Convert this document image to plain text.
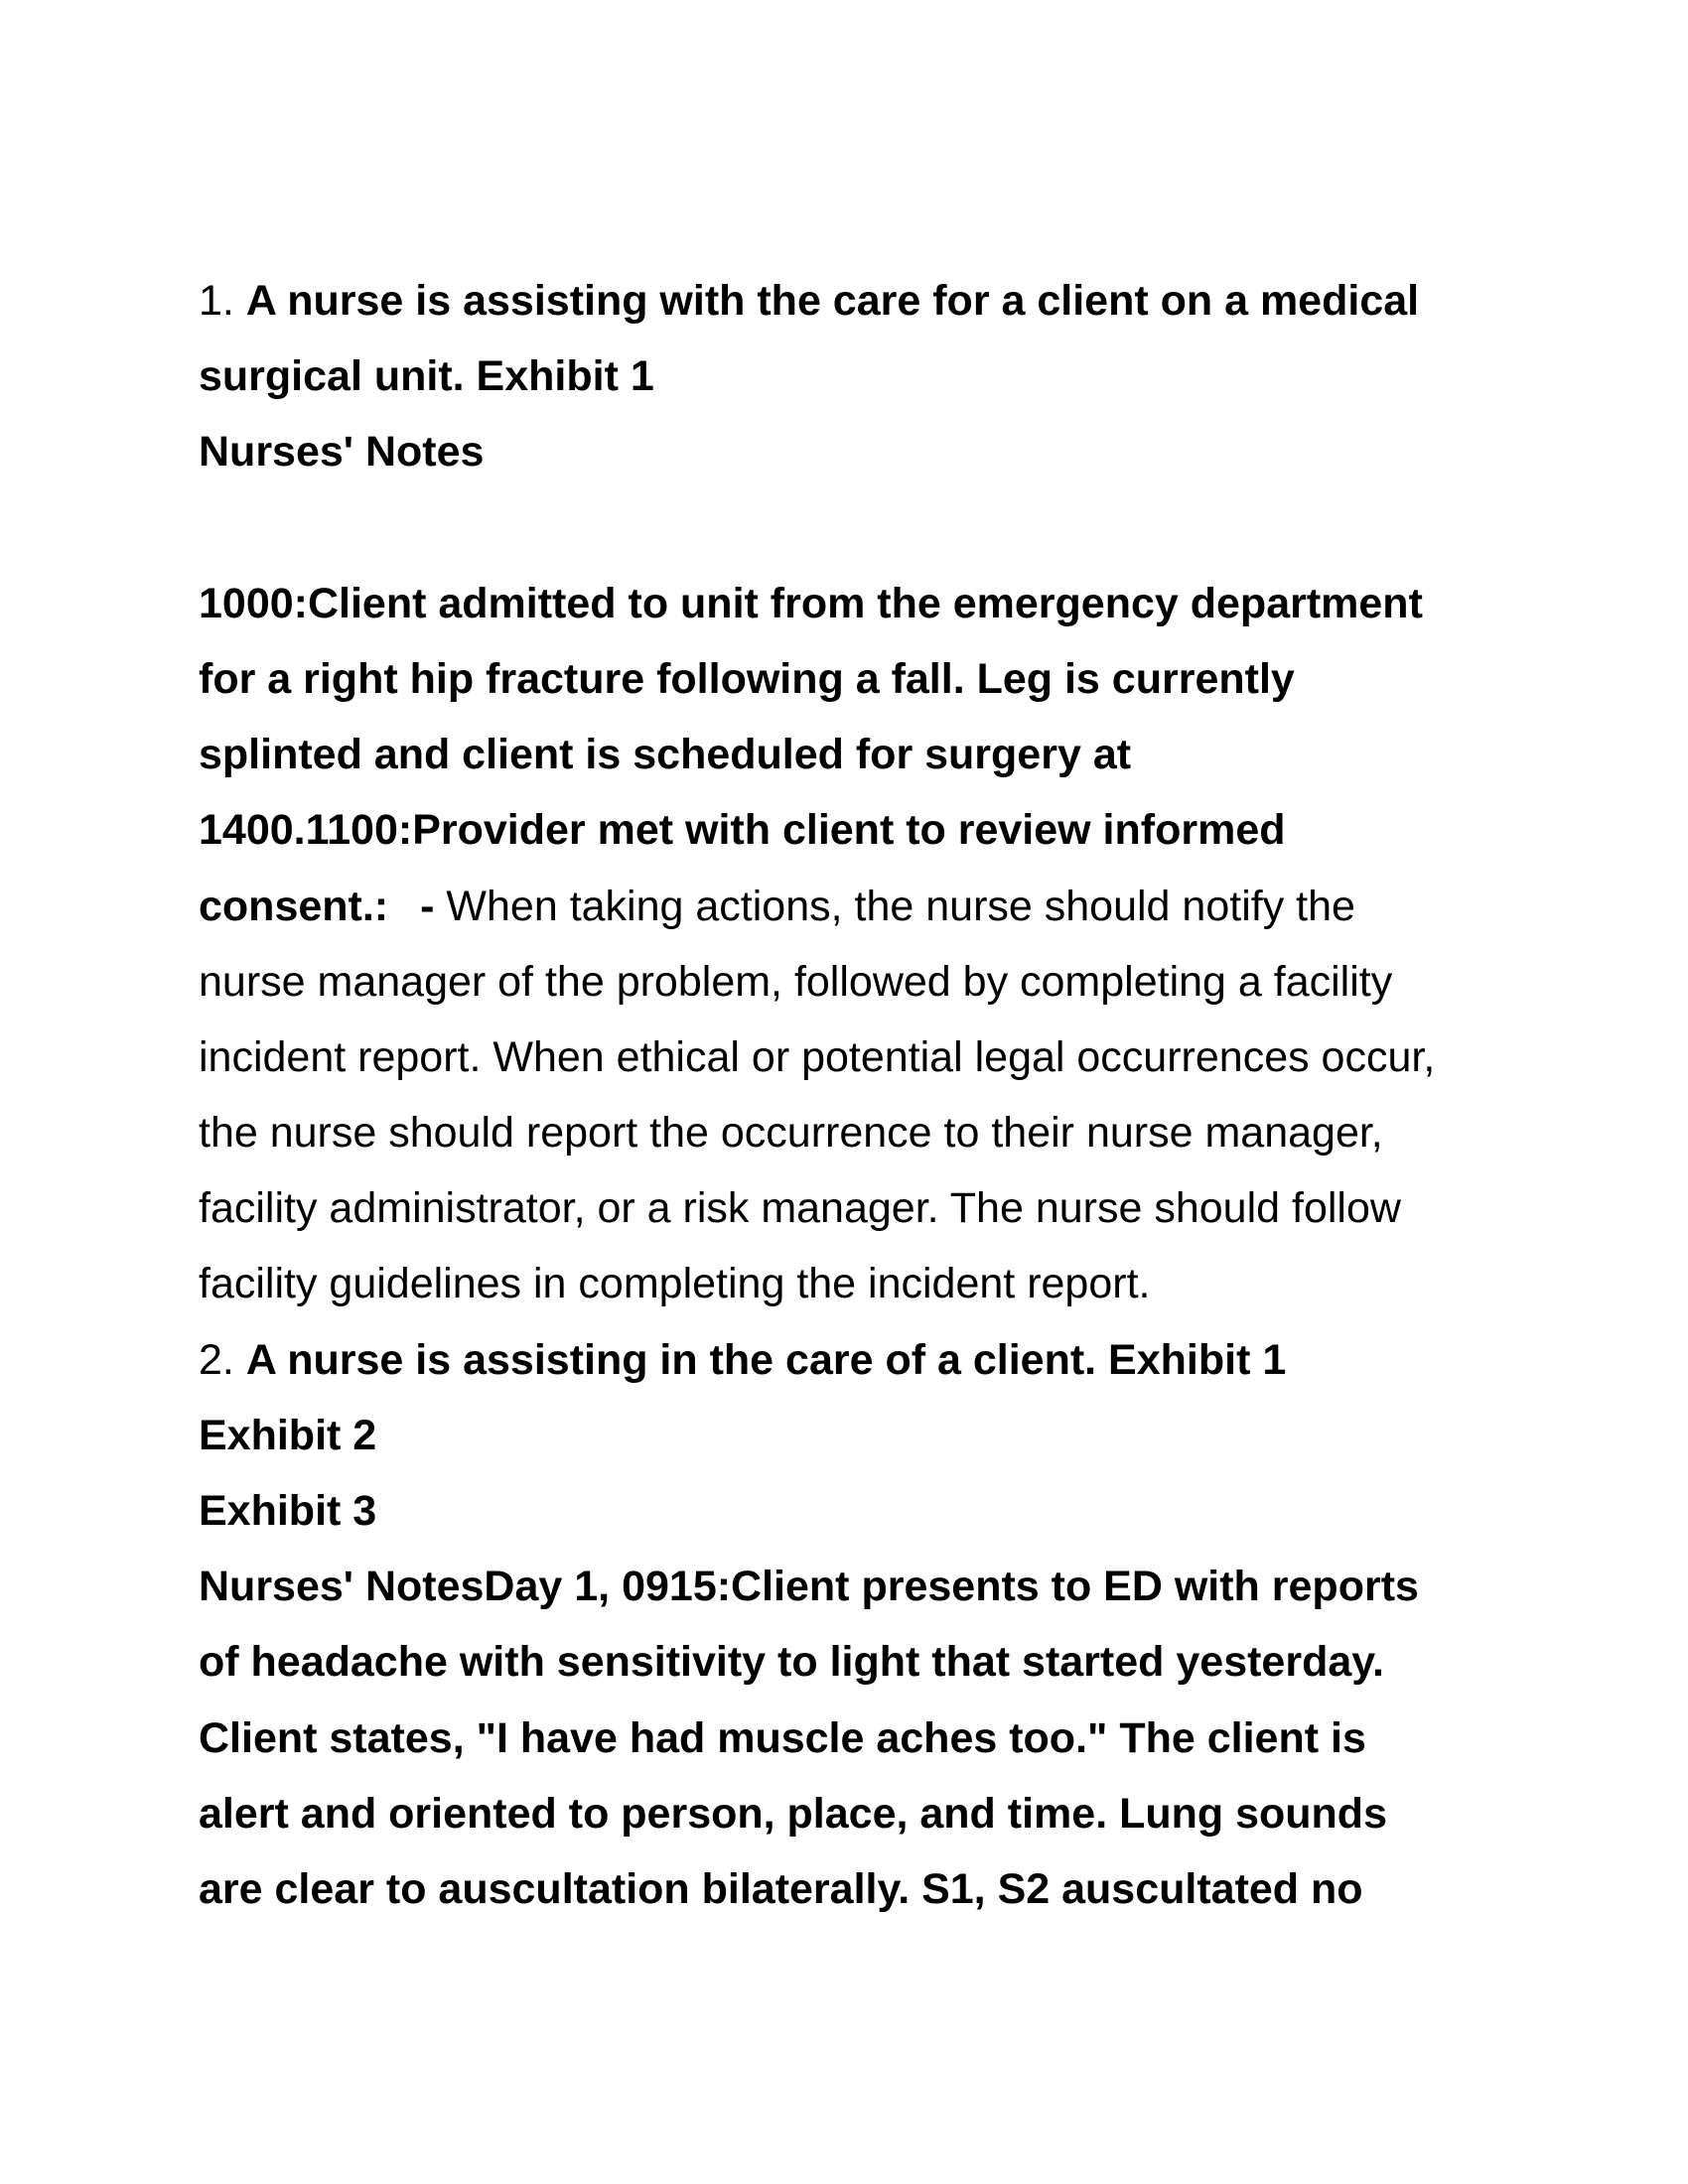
1. A nurse is assisting with the care for a client on a medical
surgical unit. Exhibit 1
Nurses' Notes
1000:Client admitted to unit from the emergency department
for a right hip fracture following a fall. Leg is currently
splinted and client is scheduled for surgery at
1400.1100:Provider met with client to review informed
consent.: - When taking actions, the nurse should notify the
nurse manager of the problem, followed by completing a facility
incident report. When ethical or potential legal occurrences occur,
the nurse should report the occurrence to their nurse manager,
facility administrator, or a risk manager. The nurse should follow
facility guidelines in completing the incident report.
2. A nurse is assisting in the care of a client. Exhibit 1
Exhibit 2
Exhibit 3
Nurses' NotesDay 1, 0915:Client presents to ED with reports
of headache with sensitivity to light that started yesterday.
Client states, "I have had muscle aches too." The client is
alert and oriented to person, place, and time. Lung sounds
are clear to auscultation bilaterally. S1, S2 auscultated no
